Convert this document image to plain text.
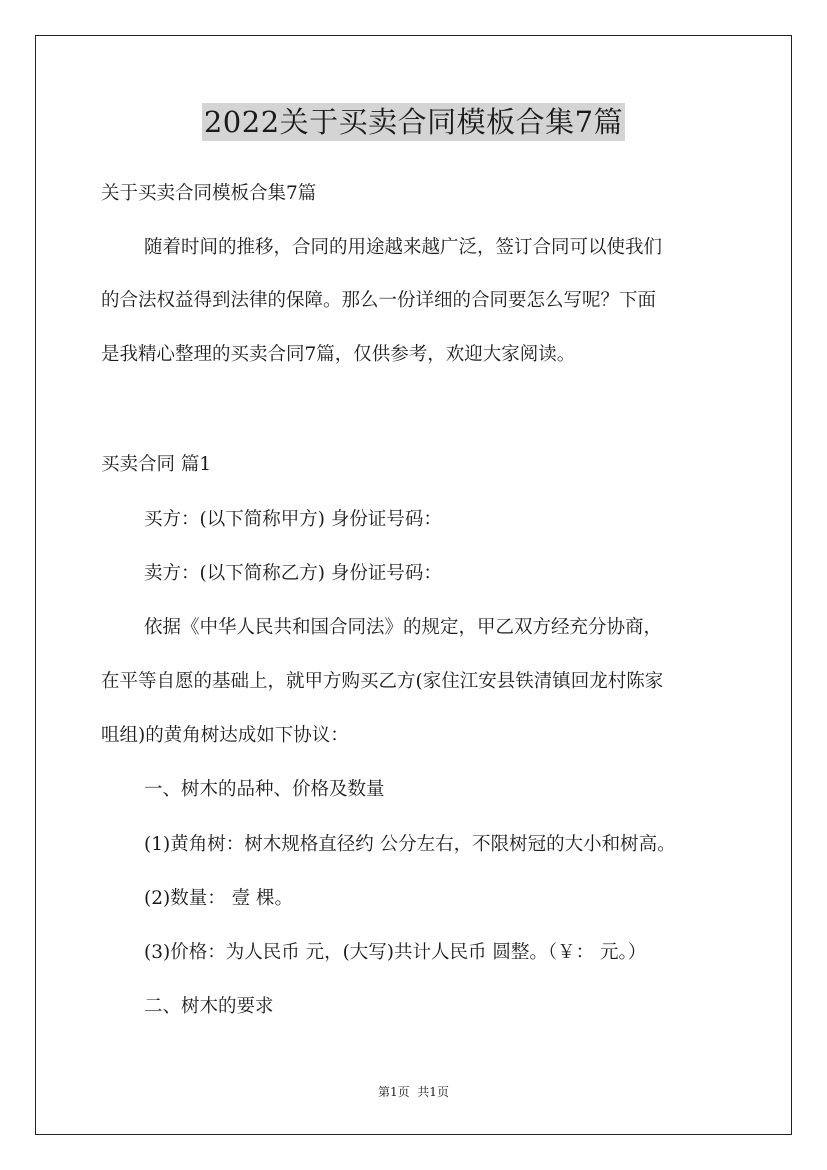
2022关于买卖合同模板合集7篇
关于买卖合同模板合集7篇
随着时间的推移，合同的用途越来越广泛，签订合同可以使我们
的合法权益得到法律的保障。那么一份详细的合同要怎么写呢？下面
是我精心整理的买卖合同7篇，仅供参考，欢迎大家阅读。
买卖合同 篇1
买方：(以下简称甲方) 身份证号码：
卖方：(以下简称乙方) 身份证号码：
依据《中华人民共和国合同法》的规定，甲乙双方经充分协商，
在平等自愿的基础上，就甲方购买乙方(家住江安县铁清镇回龙村陈家
咀组)的黄角树达成如下协议：
一、树木的品种、价格及数量
(1)黄角树：树木规格直径约 公分左右，不限树冠的大小和树高。
(2)数量： 壹 棵。
(3)价格：为人民币 元，(大写)共计人民币 圆整。（￥： 元。）
二、树木的要求
第1页  共1页
